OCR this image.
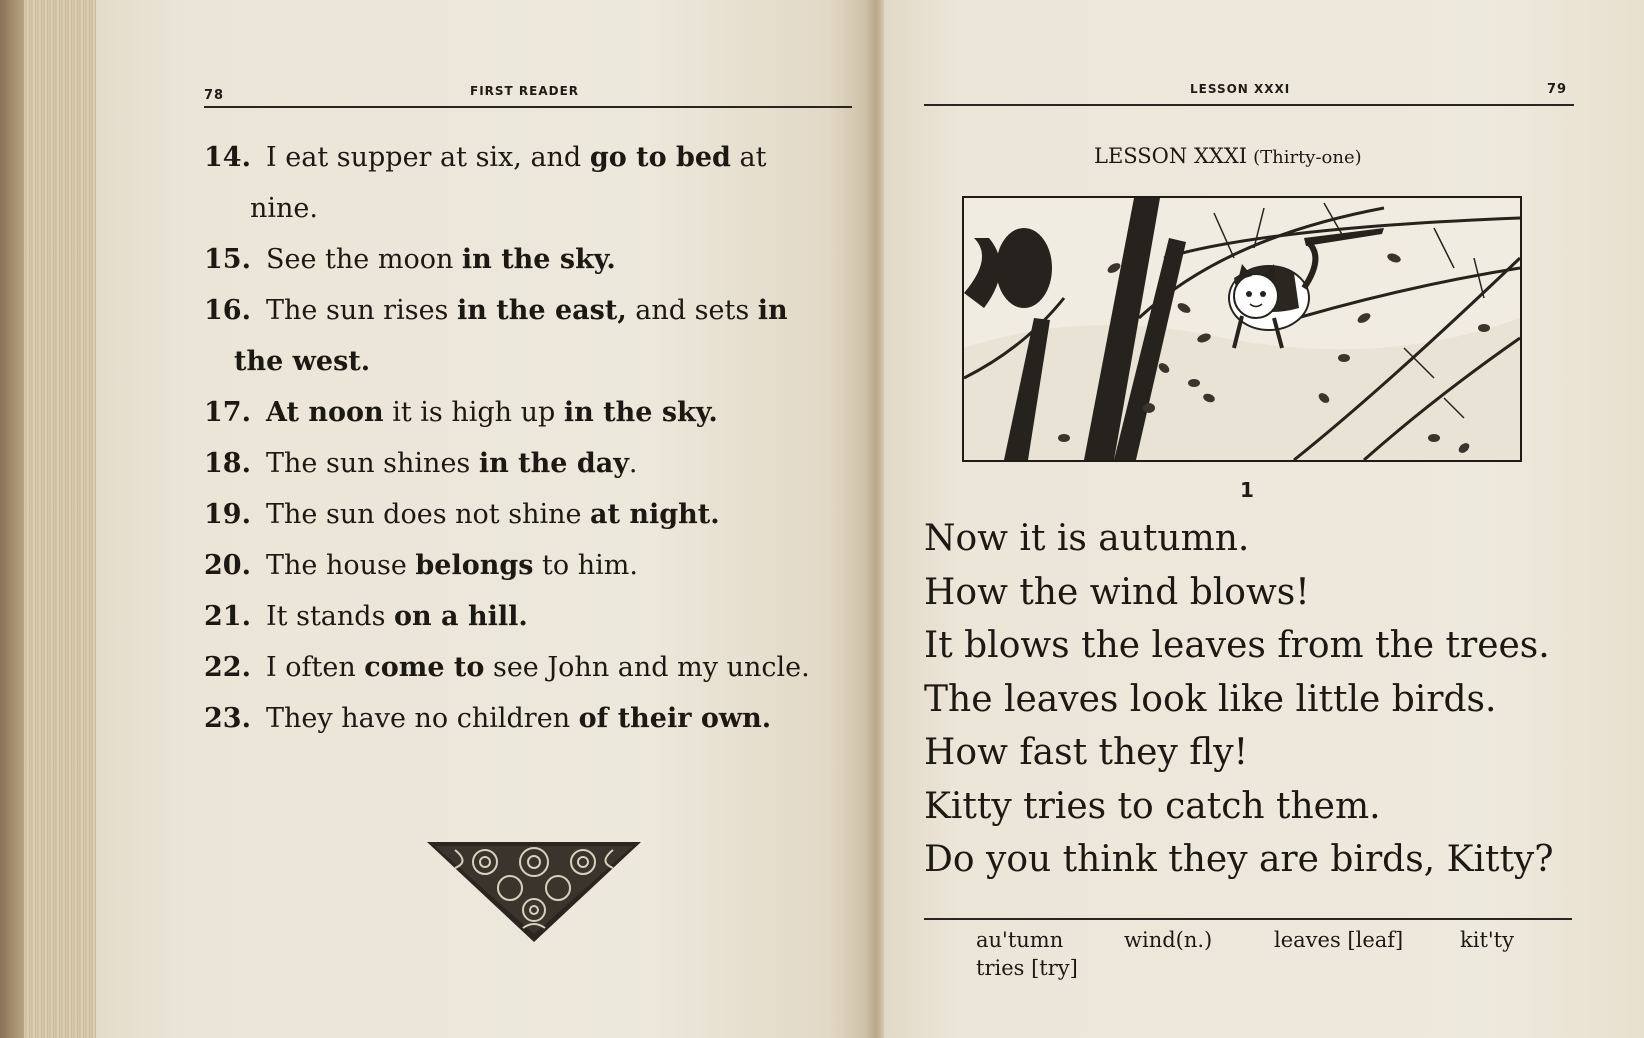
78	FIRST READER
14. I eat supper at six, and go to bed at
nine.
15. See the moon in the sky.
16. The sun rises in the east, and sets in
the west.
17. At noon it is high up in the sky.
18. The sun shines in the day.
19. The sun does not shine at night.
20. The house belongs to him.
21. It stands on a hill.
22. I often come to see John and my uncle.
23. They have no children of their own.
LESSON XXXI	79
LESSON XXXI (Thirty-one)
1
Now it is autumn.
How the wind blows!
It blows the leaves from the trees.
The leaves look like little birds.
How fast they fly!
Kitty tries to catch them.
Do you think they are birds, Kitty?
au'tumn	wind(n.)	leaves [leaf]	kit'ty
tries [try]
